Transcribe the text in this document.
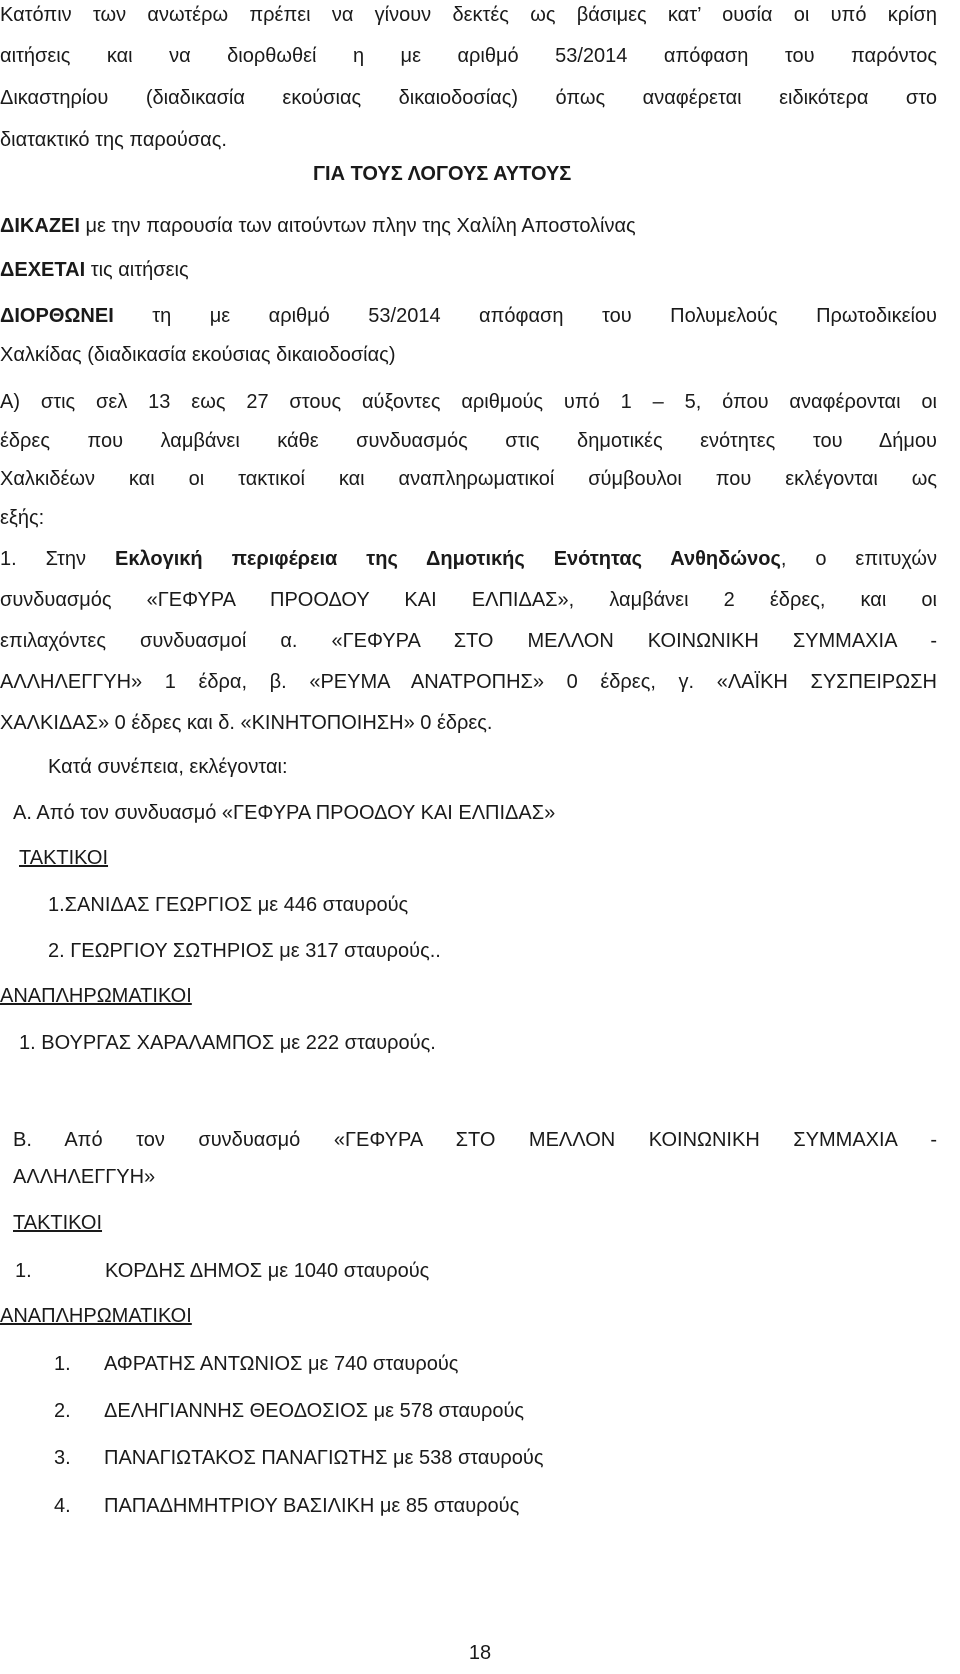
Κατόπιν των ανωτέρω πρέπει να γίνουν δεκτές ως βάσιμες κατ’ ουσία οι υπό κρίση
αιτήσεις και να διορθωθεί η με αριθμό 53/2014 απόφαση του παρόντος
Δικαστηρίου (διαδικασία εκούσιας δικαιοδοσίας) όπως αναφέρεται ειδικότερα στο
διατακτικό της παρούσας.
ΓΙΑ ΤΟΥΣ ΛΟΓΟΥΣ ΑΥΤΟΥΣ
ΔΙΚΑΖΕΙ με την παρουσία των αιτούντων πλην της Χαλίλη Αποστολίνας
ΔΕΧΕΤΑΙ τις αιτήσεις
ΔΙΟΡΘΩΝΕΙ τη με αριθμό 53/2014 απόφαση του Πολυμελούς Πρωτοδικείου
Χαλκίδας (διαδικασία εκούσιας δικαιοδοσίας)
Α) στις σελ 13 εως 27 στους αύξοντες αριθμούς υπό 1 – 5, όπου αναφέρονται οι
έδρες που λαμβάνει κάθε συνδυασμός στις δημοτικές ενότητες του Δήμου
Χαλκιδέων και οι τακτικοί και αναπληρωματικοί σύμβουλοι που εκλέγονται ως
εξής:
1. Στην Εκλογική περιφέρεια της Δημοτικής Ενότητας Ανθηδώνος, ο επιτυχών
συνδυασμός «ΓΕΦΥΡΑ ΠΡΟΟΔΟΥ ΚΑΙ ΕΛΠΙΔΑΣ», λαμβάνει 2 έδρες, και οι
επιλαχόντες συνδυασμοί α. «ΓΕΦΥΡΑ ΣΤΟ ΜΕΛΛΟΝ ΚΟΙΝΩΝΙΚΗ ΣΥΜΜΑΧΙΑ -
ΑΛΛΗΛΕΓΓΥΗ» 1 έδρα, β. «ΡΕΥΜΑ ΑΝΑΤΡΟΠΗΣ» 0 έδρες, γ. «ΛΑΪΚΗ ΣΥΣΠΕΙΡΩΣΗ
ΧΑΛΚΙΔΑΣ» 0 έδρες και δ. «ΚΙΝΗΤΟΠΟΙΗΣΗ» 0 έδρες.
Κατά συνέπεια, εκλέγονται:
Α. Από τον συνδυασμό «ΓΕΦΥΡΑ ΠΡΟΟΔΟΥ ΚΑΙ ΕΛΠΙΔΑΣ»
ΤΑΚΤΙΚΟΙ
1.ΣΑΝΙΔΑΣ ΓΕΩΡΓΙΟΣ με 446 σταυρούς
2. ΓΕΩΡΓΙΟΥ ΣΩΤΗΡΙΟΣ με 317 σταυρούς..
ΑΝΑΠΛΗΡΩΜΑΤΙΚΟΙ
1. ΒΟΥΡΓΑΣ ΧΑΡΑΛΑΜΠΟΣ με 222 σταυρούς.
Β. Από τον συνδυασμό «ΓΕΦΥΡΑ ΣΤΟ ΜΕΛΛΟΝ ΚΟΙΝΩΝΙΚΗ ΣΥΜΜΑΧΙΑ -
ΑΛΛΗΛΕΓΓΥΗ»
ΤΑΚΤΙΚΟΙ
1.	ΚΟΡΔΗΣ ΔΗΜΟΣ με 1040 σταυρούς
ΑΝΑΠΛΗΡΩΜΑΤΙΚΟΙ
1. ΑΦΡΑΤΗΣ ΑΝΤΩΝΙΟΣ με 740 σταυρούς
2. ΔΕΛΗΓΙΑΝΝΗΣ ΘΕΟΔΟΣΙΟΣ με 578 σταυρούς
3. ΠΑΝΑΓΙΩΤΑΚΟΣ ΠΑΝΑΓΙΩΤΗΣ με 538 σταυρούς
4. ΠΑΠΑΔΗΜΗΤΡΙΟΥ ΒΑΣΙΛΙΚΗ με 85 σταυρούς
18
